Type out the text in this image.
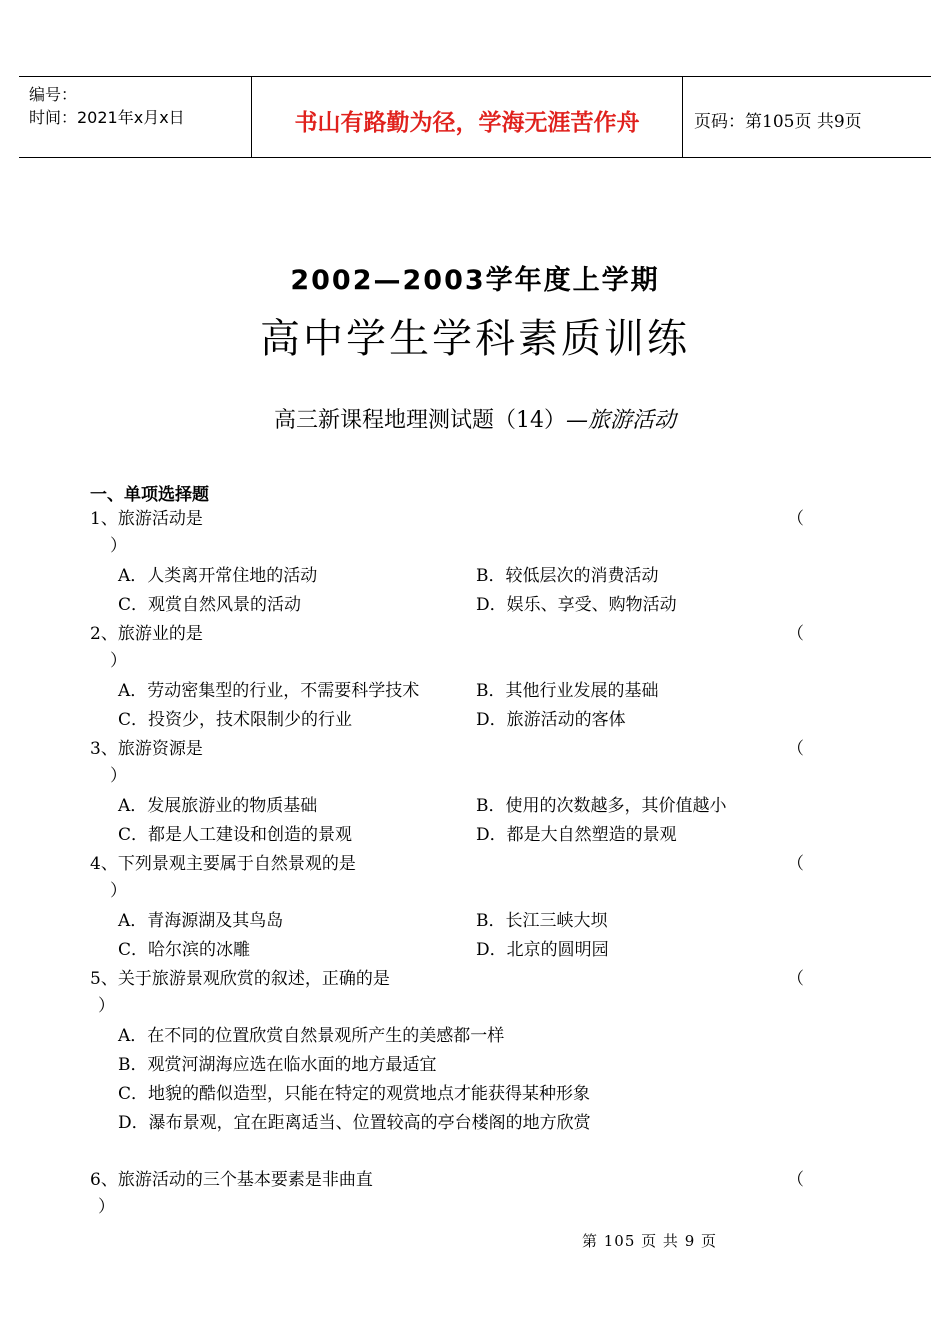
编号：
时间：2021年x月x日	书山有路勤为径，学海无涯苦作舟	页码：第105页 共9页
2002—2003学年度上学期
高中学生学科素质训练
高三新课程地理测试题（14）—旅游活动
一、单项选择题
1、旅游活动是	（
）
A．人类离开常住地的活动	B．较低层次的消费活动
C．观赏自然风景的活动	D．娱乐、享受、购物活动
2、旅游业的是	（
）
A．劳动密集型的行业，不需要科学技术	B．其他行业发展的基础
C．投资少，技术限制少的行业	D．旅游活动的客体
3、旅游资源是	（
）
A．发展旅游业的物质基础	B．使用的次数越多，其价值越小
C．都是人工建设和创造的景观	D．都是大自然塑造的景观
4、下列景观主要属于自然景观的是	（
）
A．青海源湖及其鸟岛	B．长江三峡大坝
C．哈尔滨的冰雕	D．北京的圆明园
5、关于旅游景观欣赏的叙述，正确的是	（
）
A．在不同的位置欣赏自然景观所产生的美感都一样
B．观赏河湖海应选在临水面的地方最适宜
C．地貌的酷似造型，只能在特定的观赏地点才能获得某种形象
D．瀑布景观，宜在距离适当、位置较高的亭台楼阁的地方欣赏
6、旅游活动的三个基本要素是非曲直	（
）
第 105 页 共 9 页
